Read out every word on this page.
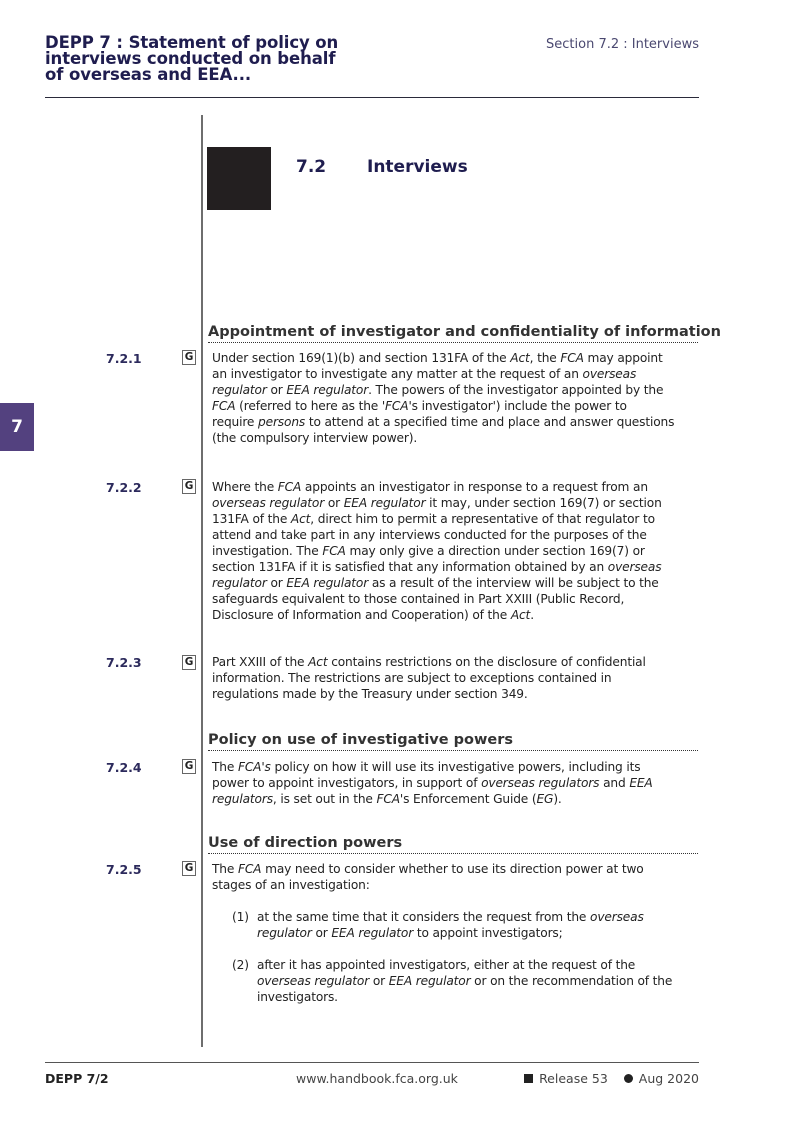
DEPP 7 : Statement of policy on
interviews conducted on behalf
of overseas and EEA...
Section 7.2 : Interviews
7.2 Interviews
7
Appointment of investigator and confidentiality of information
7.2.1	G Under section 169(1)(b) and section 131FA of the Act, the FCA may appoint
an investigator to investigate any matter at the request of an overseas
regulator or EEA regulator. The powers of the investigator appointed by the
FCA (referred to here as the 'FCA's investigator') include the power to
require persons to attend at a specified time and place and answer questions
(the compulsory interview power).
7.2.2	G Where the FCA appoints an investigator in response to a request from an
overseas regulator or EEA regulator it may, under section 169(7) or section
131FA of the Act, direct him to permit a representative of that regulator to
attend and take part in any interviews conducted for the purposes of the
investigation. The FCA may only give a direction under section 169(7) or
section 131FA if it is satisfied that any information obtained by an overseas
regulator or EEA regulator as a result of the interview will be subject to the
safeguards equivalent to those contained in Part XXIII (Public Record,
Disclosure of Information and Cooperation) of the Act.
7.2.3	G Part XXIII of the Act contains restrictions on the disclosure of confidential
information. The restrictions are subject to exceptions contained in
regulations made by the Treasury under section 349.
Policy on use of investigative powers
7.2.4	G The FCA's policy on how it will use its investigative powers, including its
power to appoint investigators, in support of overseas regulators and EEA
regulators, is set out in the FCA's Enforcement Guide (EG).
Use of direction powers
7.2.5	G The FCA may need to consider whether to use its direction power at two
stages of an investigation:
(1) at the same time that it considers the request from the overseas
regulator or EEA regulator to appoint investigators;
(2) after it has appointed investigators, either at the request of the
overseas regulator or EEA regulator or on the recommendation of the
investigators.
DEPP 7/2	www.handbook.fca.org.uk	Release 53 Aug 2020
